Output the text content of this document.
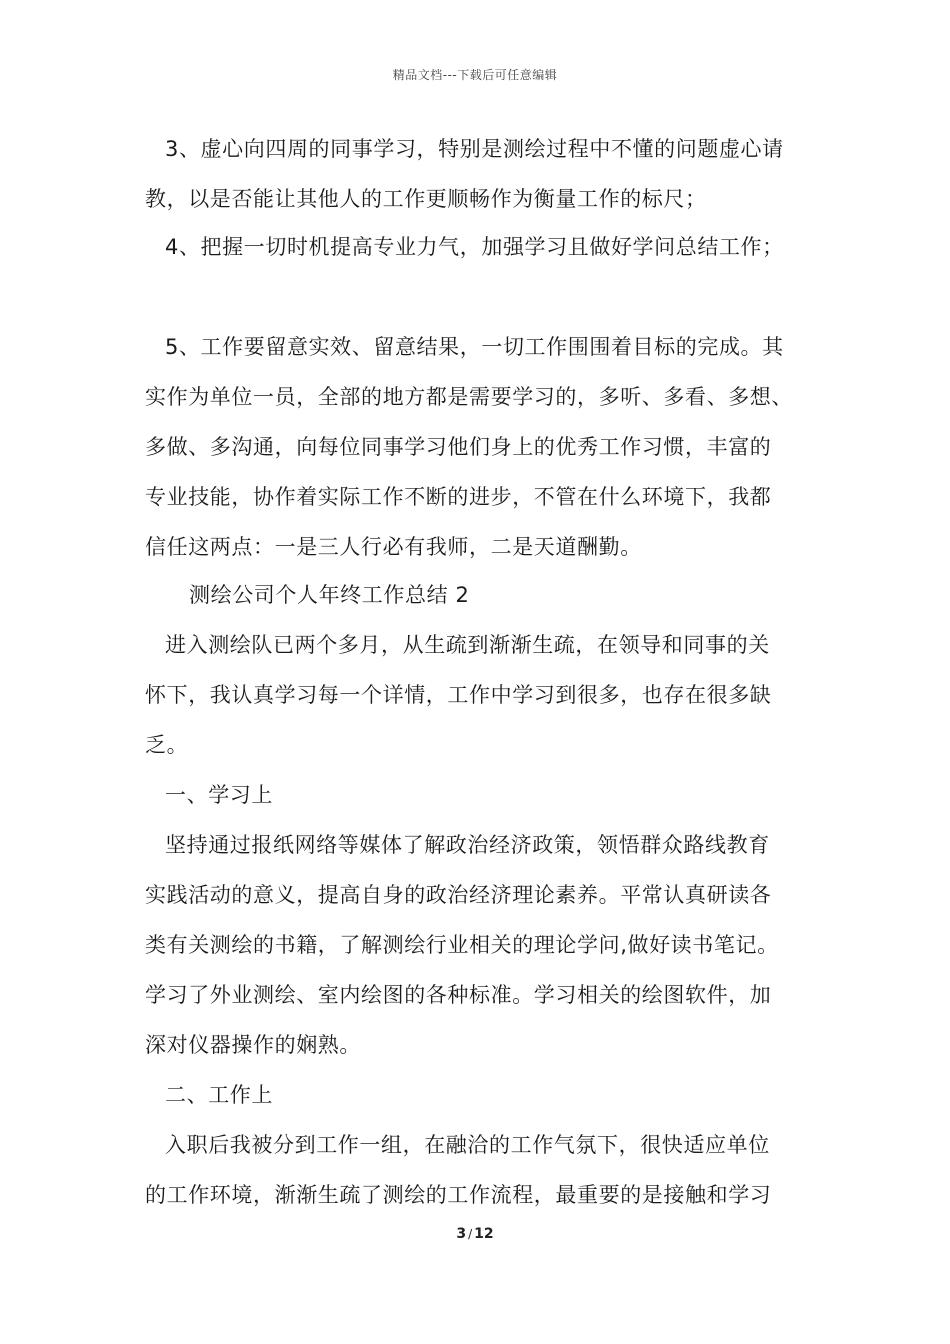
精品文档---下载后可任意编辑
3、虚心向四周的同事学习，特别是测绘过程中不懂的问题虚心请
教，以是否能让其他人的工作更顺畅作为衡量工作的标尺；
4、把握一切时机提高专业力气，加强学习且做好学问总结工作；
5、工作要留意实效、留意结果，一切工作围围着目标的完成。其
实作为单位一员，全部的地方都是需要学习的，多听、多看、多想、
多做、多沟通，向每位同事学习他们身上的优秀工作习惯，丰富的
专业技能，协作着实际工作不断的进步，不管在什么环境下，我都
信任这两点：一是三人行必有我师，二是天道酬勤。
测绘公司个人年终工作总结 2
进入测绘队已两个多月，从生疏到渐渐生疏，在领导和同事的关
怀下，我认真学习每一个详情，工作中学习到很多，也存在很多缺
乏。
一、学习上
坚持通过报纸网络等媒体了解政治经济政策，领悟群众路线教育
实践活动的意义，提高自身的政治经济理论素养。平常认真研读各
类有关测绘的书籍，了解测绘行业相关的理论学问,做好读书笔记。
学习了外业测绘、室内绘图的各种标准。学习相关的绘图软件，加
深对仪器操作的娴熟。
二、工作上
入职后我被分到工作一组，在融洽的工作气氛下，很快适应单位
的工作环境，渐渐生疏了测绘的工作流程，最重要的是接触和学习
3 / 12
